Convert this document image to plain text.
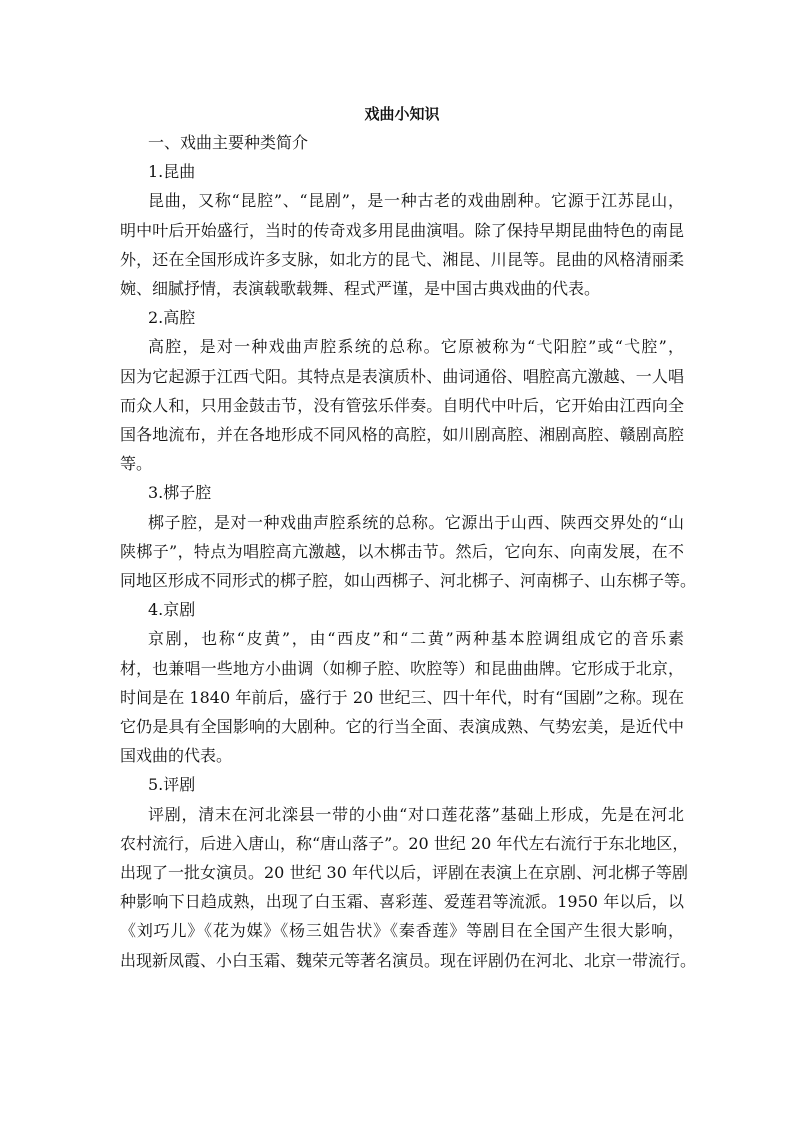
戏曲小知识

一、戏曲主要种类简介

1.昆曲

昆曲，又称“昆腔”、“昆剧”，是一种古老的戏曲剧种。它源于江苏昆山，

明中叶后开始盛行，当时的传奇戏多用昆曲演唱。除了保持早期昆曲特色的南昆

外，还在全国形成许多支脉，如北方的昆弋、湘昆、川昆等。昆曲的风格清丽柔

婉、细腻抒情，表演载歌载舞、程式严谨，是中国古典戏曲的代表。

2.高腔

高腔，是对一种戏曲声腔系统的总称。它原被称为“弋阳腔”或“弋腔”，

因为它起源于江西弋阳。其特点是表演质朴、曲词通俗、唱腔高亢激越、一人唱

而众人和，只用金鼓击节，没有管弦乐伴奏。自明代中叶后，它开始由江西向全

国各地流布，并在各地形成不同风格的高腔，如川剧高腔、湘剧高腔、赣剧高腔

等。

3.梆子腔

梆子腔，是对一种戏曲声腔系统的总称。它源出于山西、陕西交界处的“山

陕梆子”，特点为唱腔高亢激越，以木梆击节。然后，它向东、向南发展，在不

同地区形成不同形式的梆子腔，如山西梆子、河北梆子、河南梆子、山东梆子等。

4.京剧

京剧，也称“皮黄”，由“西皮”和“二黄”两种基本腔调组成它的音乐素

材，也兼唱一些地方小曲调（如柳子腔、吹腔等）和昆曲曲牌。它形成于北京，

时间是在 1840 年前后，盛行于 20 世纪三、四十年代，时有“国剧”之称。现在

它仍是具有全国影响的大剧种。它的行当全面、表演成熟、气势宏美，是近代中

国戏曲的代表。

5.评剧

评剧，清末在河北滦县一带的小曲“对口莲花落”基础上形成，先是在河北

农村流行，后进入唐山，称“唐山落子”。20 世纪 20 年代左右流行于东北地区，

出现了一批女演员。20 世纪 30 年代以后，评剧在表演上在京剧、河北梆子等剧

种影响下日趋成熟，出现了白玉霜、喜彩莲、爱莲君等流派。1950 年以后，以

《刘巧儿》《花为媒》《杨三姐告状》《秦香莲》等剧目在全国产生很大影响，

出现新凤霞、小白玉霜、魏荣元等著名演员。现在评剧仍在河北、北京一带流行。
